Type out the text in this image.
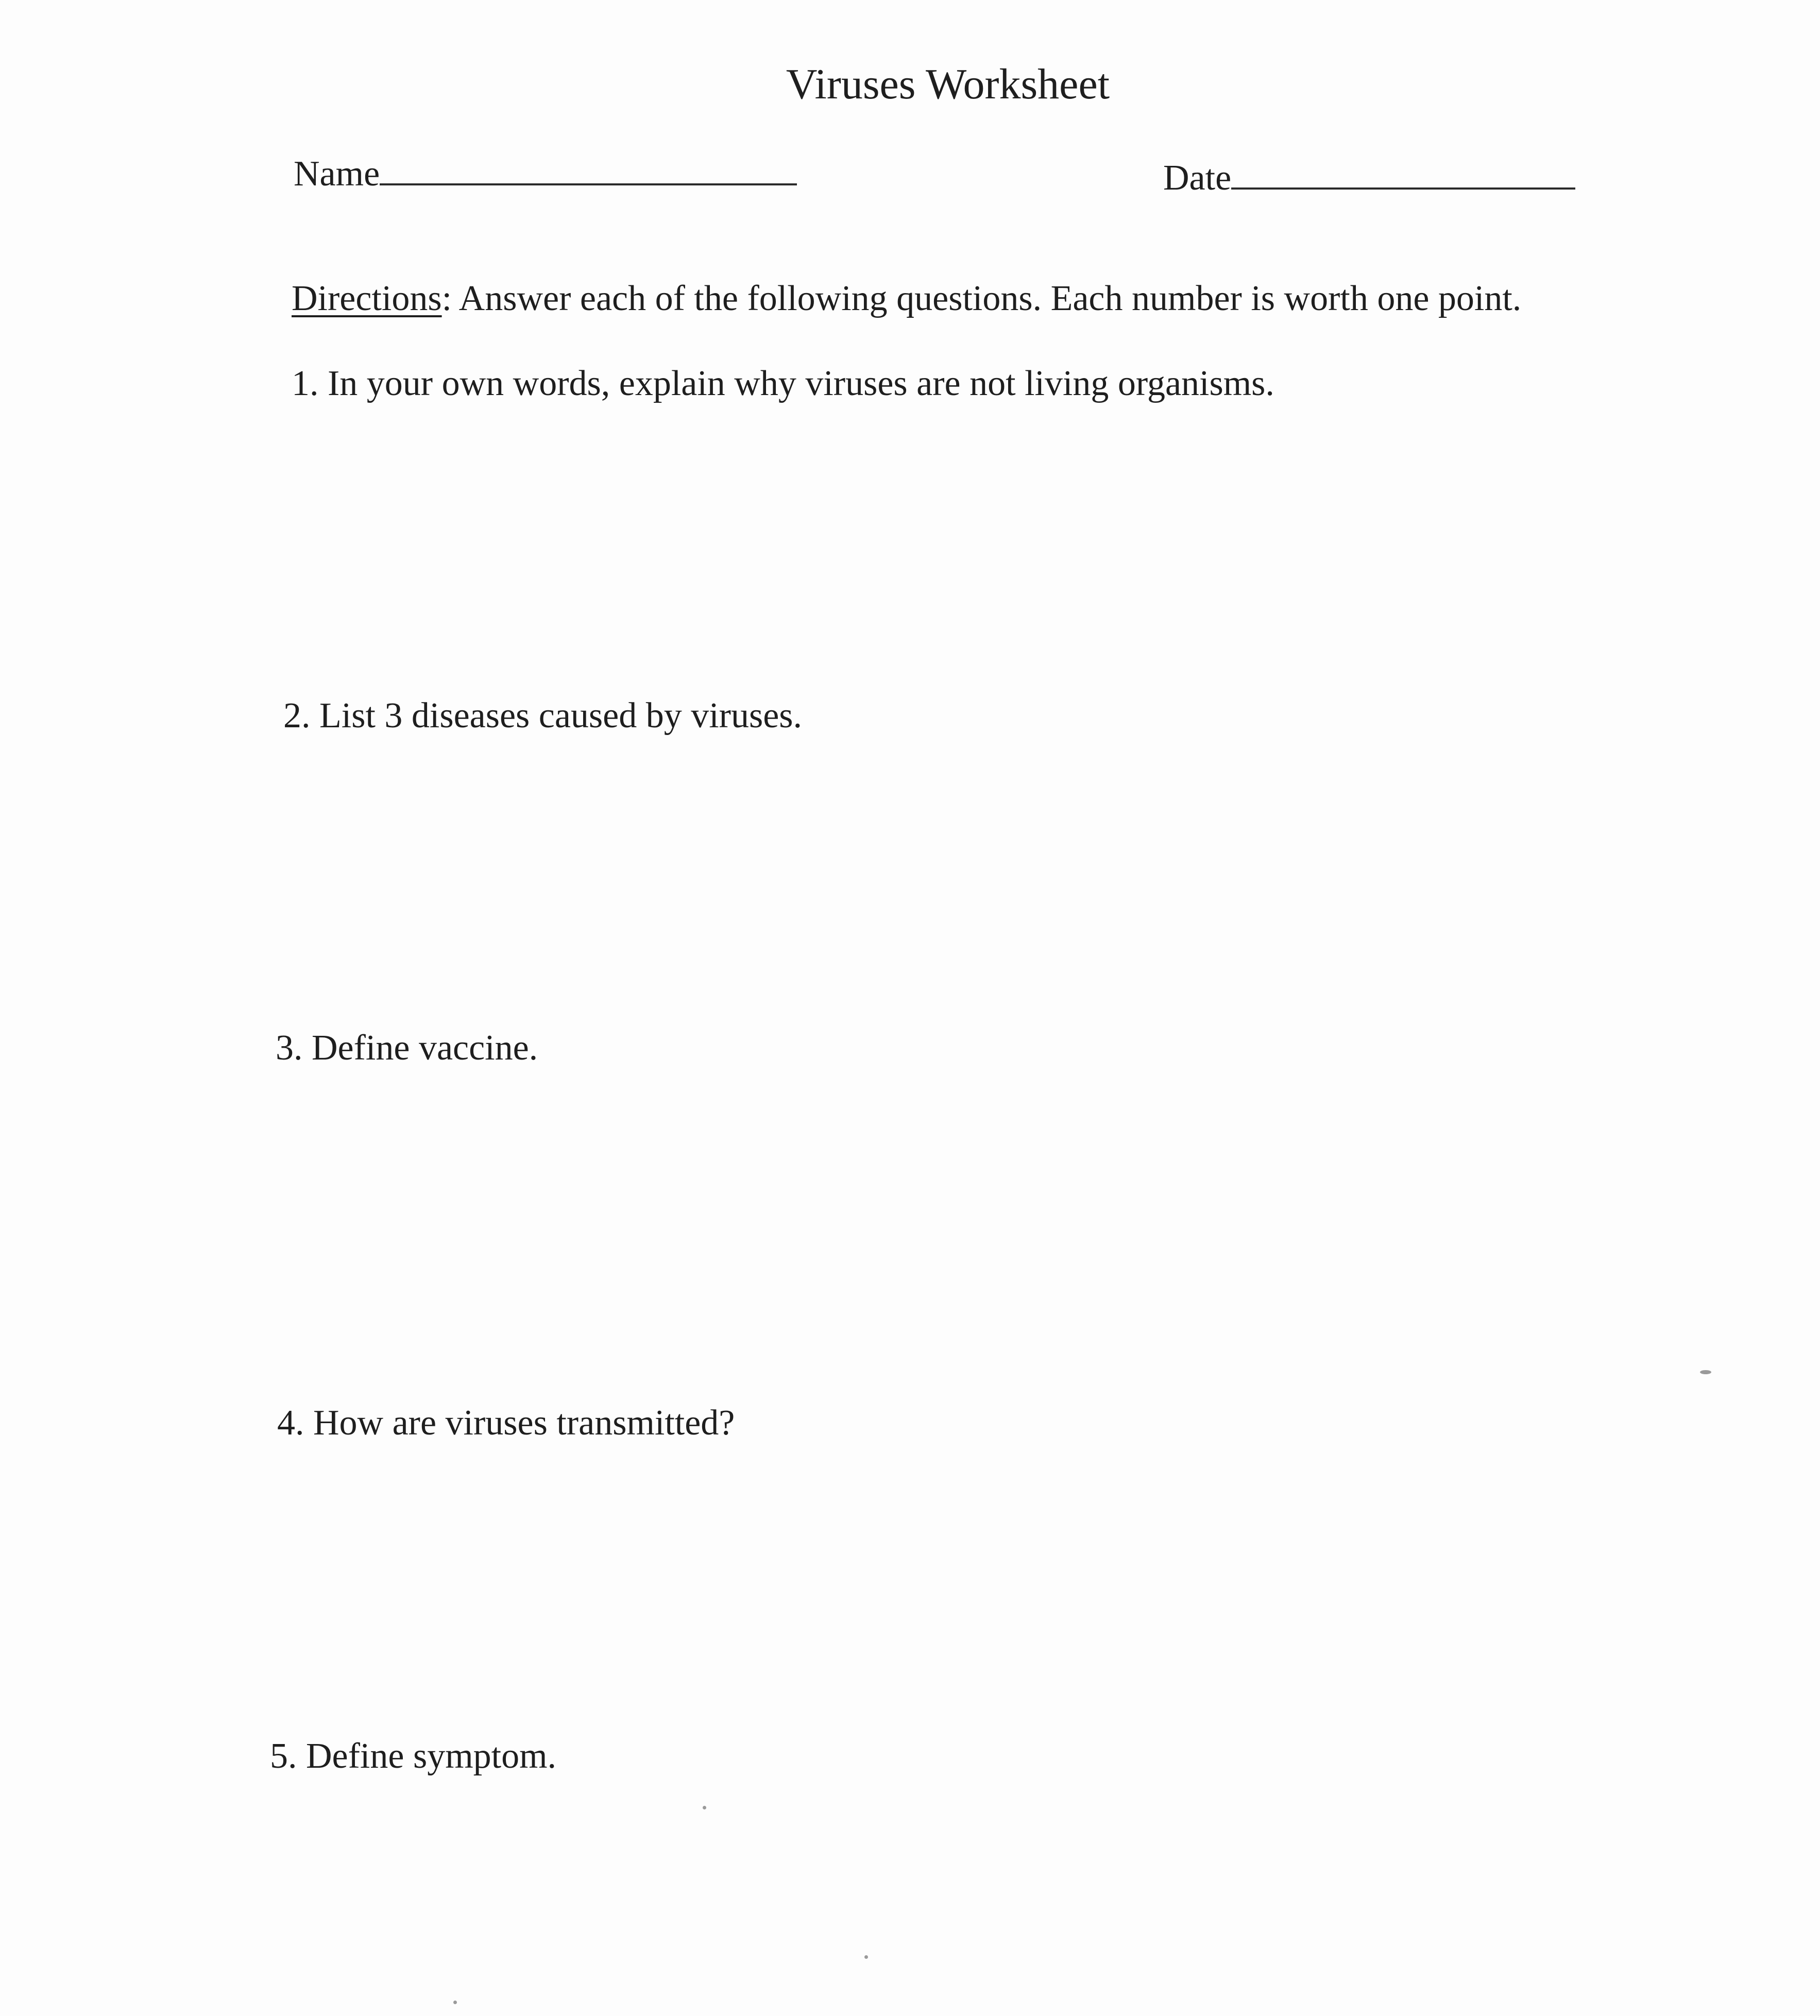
Viruses Worksheet
Name	Date
Directions: Answer each of the following questions. Each number is worth one point.
1. In your own words, explain why viruses are not living organisms.
2. List 3 diseases caused by viruses.
3. Define vaccine.
4. How are viruses transmitted?
5. Define symptom.
